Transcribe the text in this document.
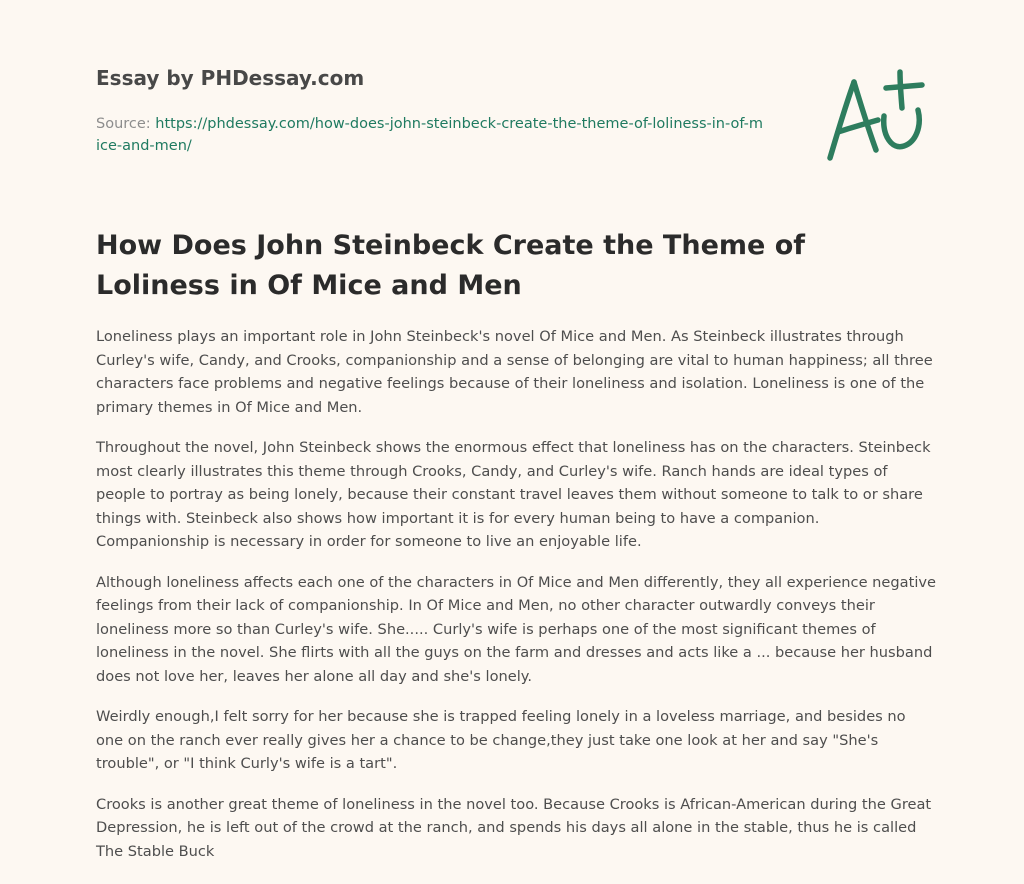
Essay by PHDessay.com
Source: https://phdessay.com/how-does-john-steinbeck-create-the-theme-of-loliness-in-of-mice-and-men/
How Does John Steinbeck Create the Theme of Loliness in Of Mice and Men

Loneliness plays an important role in John Steinbeck's novel Of Mice and Men. As Steinbeck illustrates through Curley's wife, Candy, and Crooks, companionship and a sense of belonging are vital to human happiness; all three characters face problems and negative feelings because of their loneliness and isolation. Loneliness is one of the primary themes in Of Mice and Men.

Throughout the novel, John Steinbeck shows the enormous effect that loneliness has on the characters. Steinbeck most clearly illustrates this theme through Crooks, Candy, and Curley's wife. Ranch hands are ideal types of people to portray as being lonely, because their constant travel leaves them without someone to talk to or share things with. Steinbeck also shows how important it is for every human being to have a companion. Companionship is necessary in order for someone to live an enjoyable life.

Although loneliness affects each one of the characters in Of Mice and Men differently, they all experience negative feelings from their lack of companionship. In Of Mice and Men, no other character outwardly conveys their loneliness more so than Curley's wife. She..... Curly's wife is perhaps one of the most significant themes of loneliness in the novel. She flirts with all the guys on the farm and dresses and acts like a ... because her husband does not love her, leaves her alone all day and she's lonely.

Weirdly enough,I felt sorry for her because she is trapped feeling lonely in a loveless marriage, and besides no one on the ranch ever really gives her a chance to be change,they just take one look at her and say "She's trouble", or "I think Curly's wife is a tart".

Crooks is another great theme of loneliness in the novel too. Because Crooks is African-American during the Great Depression, he is left out of the crowd at the ranch, and spends his days all alone in the stable, thus he is called The Stable Buck
